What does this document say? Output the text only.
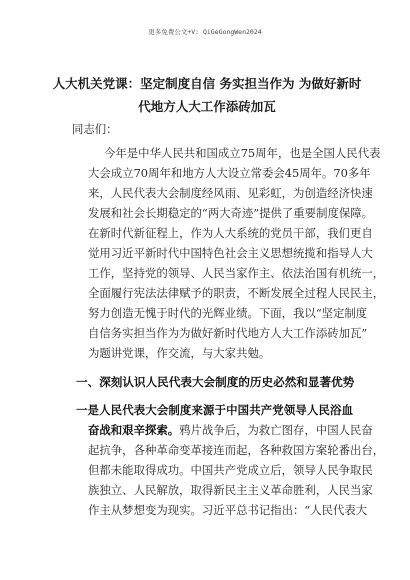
更多免费公文+V: QiGeGongWen2024
人大机关党课：坚定制度自信 务实担当作为 为做好新时
代地方人大工作添砖加瓦
同志们：
今年是中华人民共和国成立75周年，也是全国人民代表
大会成立70周年和地方人大设立常委会45周年。70多年
来，人民代表大会制度经风雨、见彩虹，为创造经济快速
发展和社会长期稳定的“两大奇迹”提供了重要制度保障。
在新时代新征程上，作为人大系统的党员干部，我们更自
觉用习近平新时代中国特色社会主义思想统揽和指导人大
工作，坚持党的领导、人民当家作主、依法治国有机统一，
全面履行宪法法律赋予的职责，不断发展全过程人民民主，
努力创造无愧于时代的光辉业绩。下面，我以“坚定制度
自信务实担当作为为做好新时代地方人大工作添砖加瓦”
为题讲党课，作交流，与大家共勉。
一、深刻认识人民代表大会制度的历史必然和显著优势
一是人民代表大会制度来源于中国共产党领导人民浴血
奋战和艰辛探索。鸦片战争后，为救亡图存，中国人民奋
起抗争，各种革命变革接连而起，各种救国方案轮番出台，
但都未能取得成功。中国共产党成立后，领导人民争取民
族独立、人民解放，取得新民主主义革命胜利，人民当家
作主从梦想变为现实。习近平总书记指出：“人民代表大
